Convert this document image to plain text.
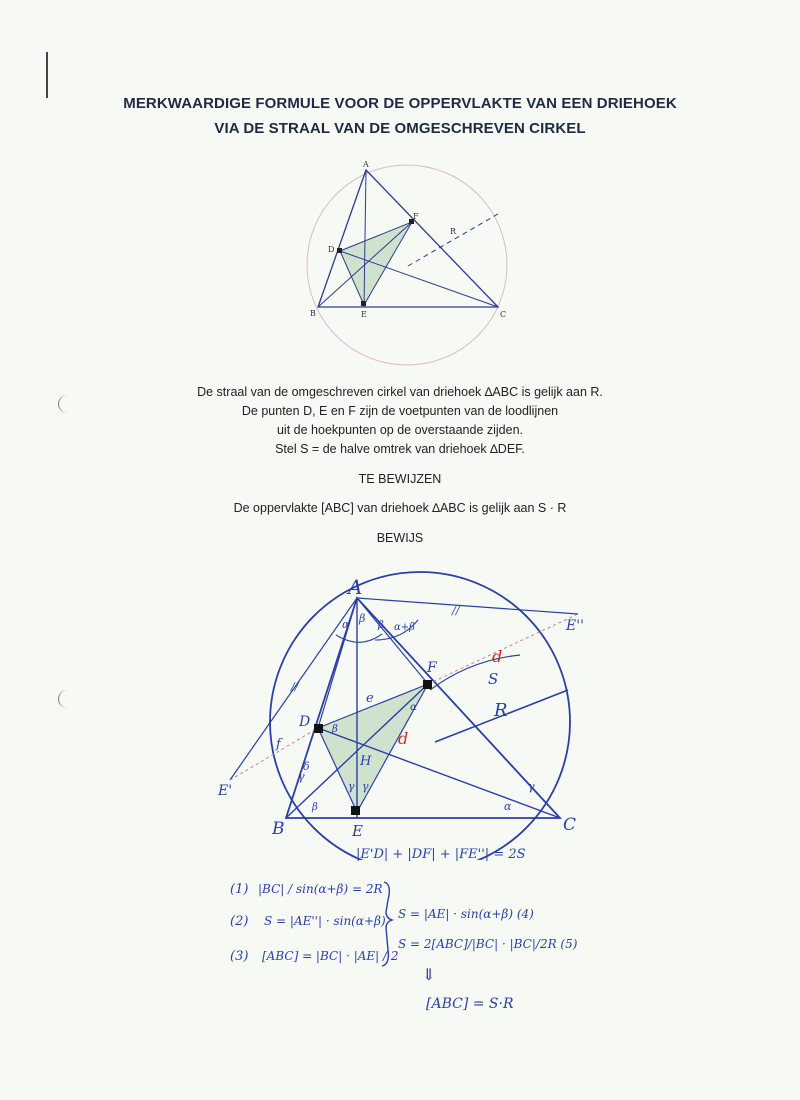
MERKWAARDIGE FORMULE VOOR DE OPPERVLAKTE VAN EEN DRIEHOEK
VIA DE STRAAL VAN DE OMGESCHREVEN CIRKEL
A
B	C
D
E
F
R
De straal van de omgeschreven cirkel van driehoek ∆ABC is gelijk aan R.
De punten D, E en F zijn de voetpunten van de loodlijnen
uit de hoekpunten op de overstaande zijden.
Stel S = de halve omtrek van driehoek ∆DEF.
TE BEWIJZEN
De oppervlakte [ABC] van driehoek ∆ABC is gelijk aan S · R
BEWIJS
A
B	C
D
E
F
H
E'
E''
R
S
d
d
e
f
α β
β α+β
δ
β
α
γ
β
γ γ	γ
α
//
//
|E'D| + |DF| + |FE''| = 2S
(1) |BC| / sin(α+β) = 2R
(2) S = |AE''| · sin(α+β)
(3) [ABC] = |BC| · |AE| / 2
S = |AE| · sin(α+β) (4)
S = 2[ABC]/|BC| · |BC|/2R (5)
⇓
[ABC] = S·R
